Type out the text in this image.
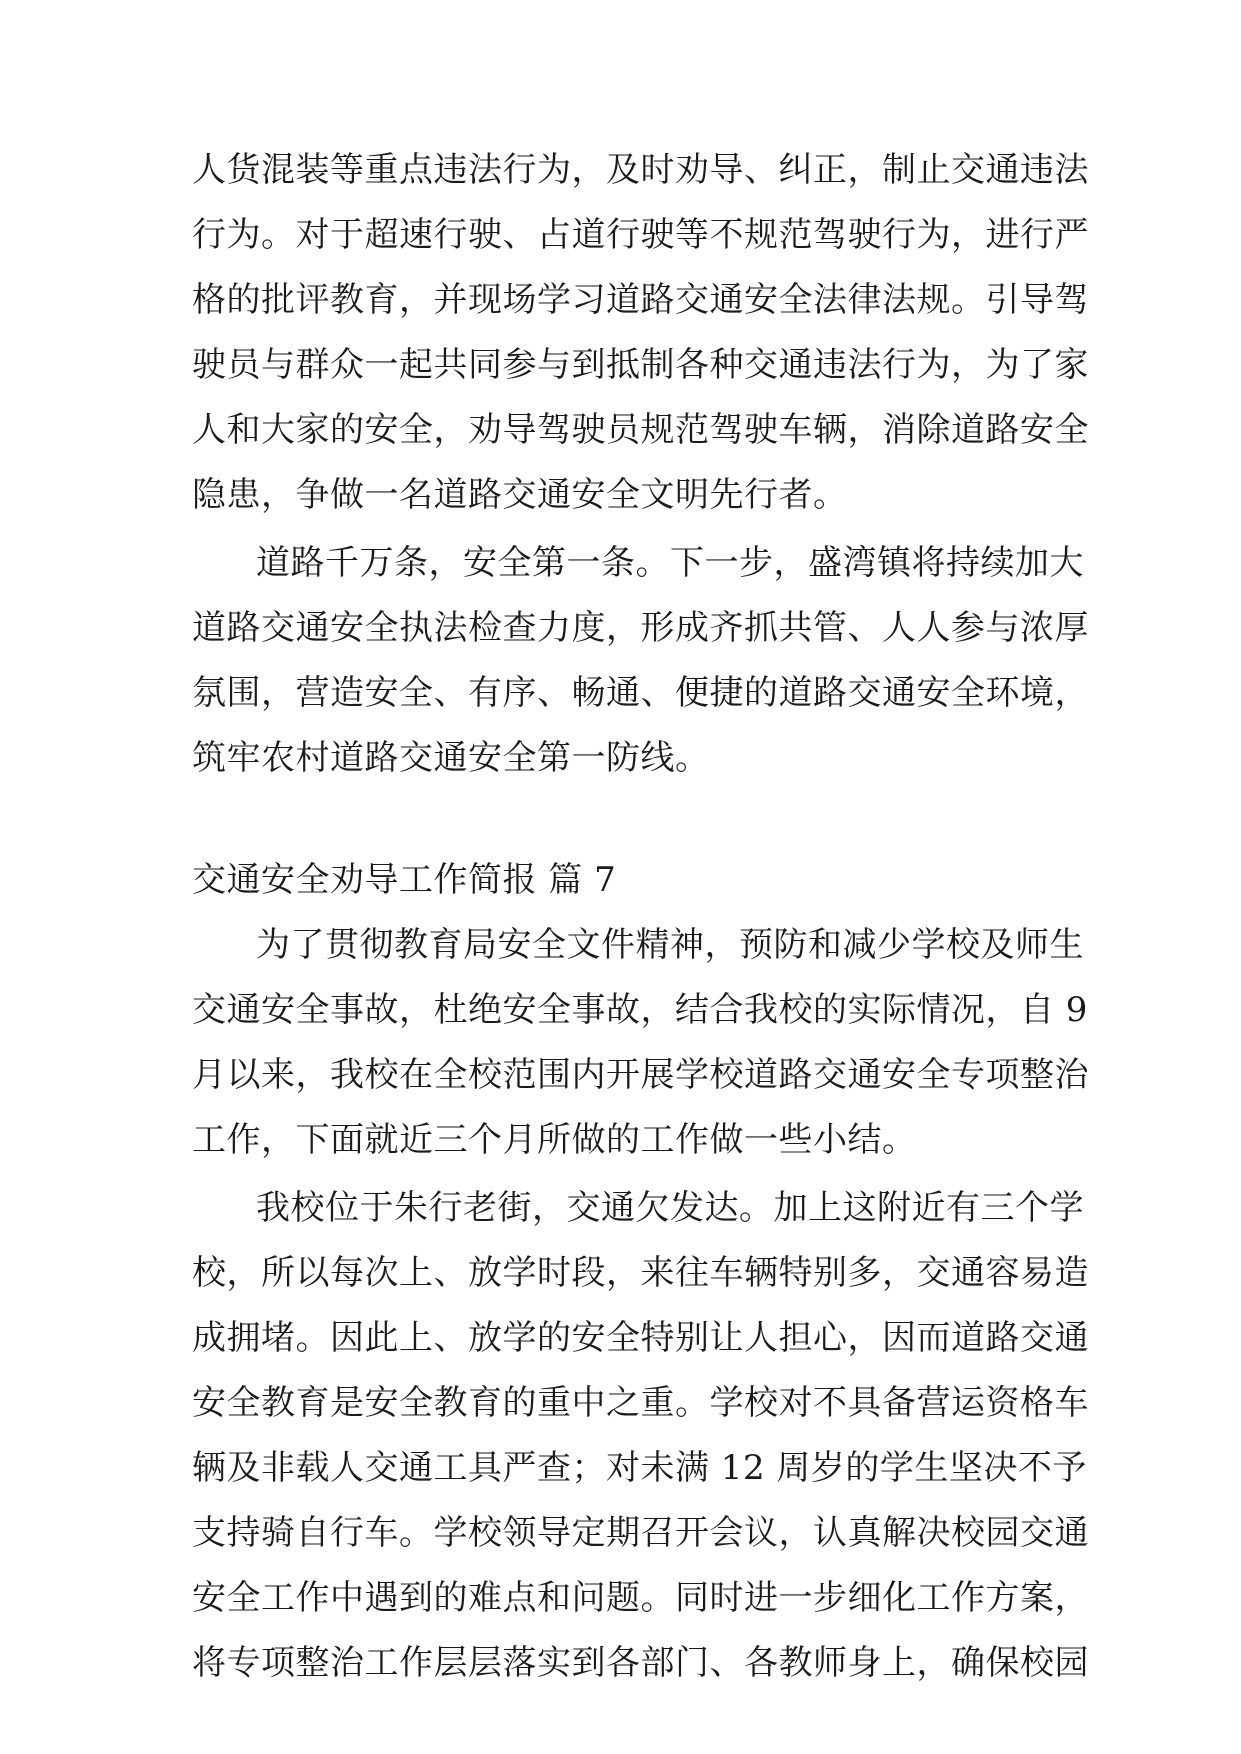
人货混装等重点违法行为，及时劝导、纠正，制止交通违法
行为。对于超速行驶、占道行驶等不规范驾驶行为，进行严
格的批评教育，并现场学习道路交通安全法律法规。引导驾
驶员与群众一起共同参与到抵制各种交通违法行为，为了家
人和大家的安全，劝导驾驶员规范驾驶车辆，消除道路安全
隐患，争做一名道路交通安全文明先行者。
道路千万条，安全第一条。下一步，盛湾镇将持续加大
道路交通安全执法检查力度，形成齐抓共管、人人参与浓厚
氛围，营造安全、有序、畅通、便捷的道路交通安全环境，
筑牢农村道路交通安全第一防线。
交通安全劝导工作简报 篇 7
为了贯彻教育局安全文件精神，预防和减少学校及师生
交通安全事故，杜绝安全事故，结合我校的实际情况，自 9
月以来，我校在全校范围内开展学校道路交通安全专项整治
工作，下面就近三个月所做的工作做一些小结。
我校位于朱行老街，交通欠发达。加上这附近有三个学
校，所以每次上、放学时段，来往车辆特别多，交通容易造
成拥堵。因此上、放学的安全特别让人担心，因而道路交通
安全教育是安全教育的重中之重。学校对不具备营运资格车
辆及非载人交通工具严查；对未满 12 周岁的学生坚决不予
支持骑自行车。学校领导定期召开会议，认真解决校园交通
安全工作中遇到的难点和问题。同时进一步细化工作方案，
将专项整治工作层层落实到各部门、各教师身上，确保校园
